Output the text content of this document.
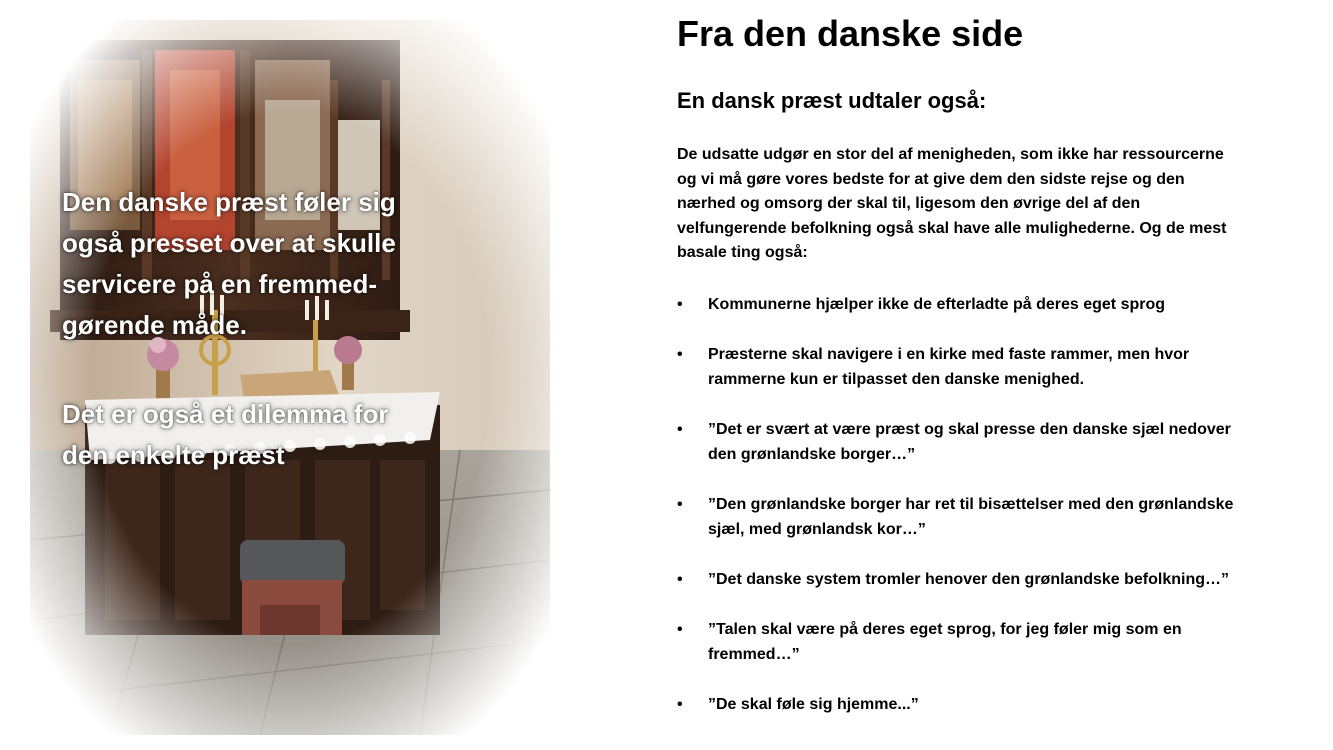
Den danske præst føler sig
også presset over at skulle
servicere på en fremmed-
gørende måde.
Det er også et dilemma for
den enkelte præst
Fra den danske side
En dansk præst udtaler også:

De udsatte udgør en stor del af menigheden, som ikke har ressourcerne
og vi må gøre vores bedste for at give dem den sidste rejse og den
nærhed og omsorg der skal til, ligesom den øvrige del af den
velfungerende befolkning også skal have alle mulighederne. Og de mest
basale ting også:

•	Kommunerne hjælper ikke de efterladte på deres eget sprog
•	Præsterne skal navigere i en kirke med faste rammer, men hvor
rammerne kun er tilpasset den danske menighed.
•	”Det er svært at være præst og skal presse den danske sjæl nedover
den grønlandske borger…”
•	”Den grønlandske borger har ret til bisættelser med den grønlandske
sjæl, med grønlandsk kor…”
•	”Det danske system tromler henover den grønlandske befolkning…”
•	”Talen skal være på deres eget sprog, for jeg føler mig som en
fremmed…”
•	”De skal føle sig hjemme...”
